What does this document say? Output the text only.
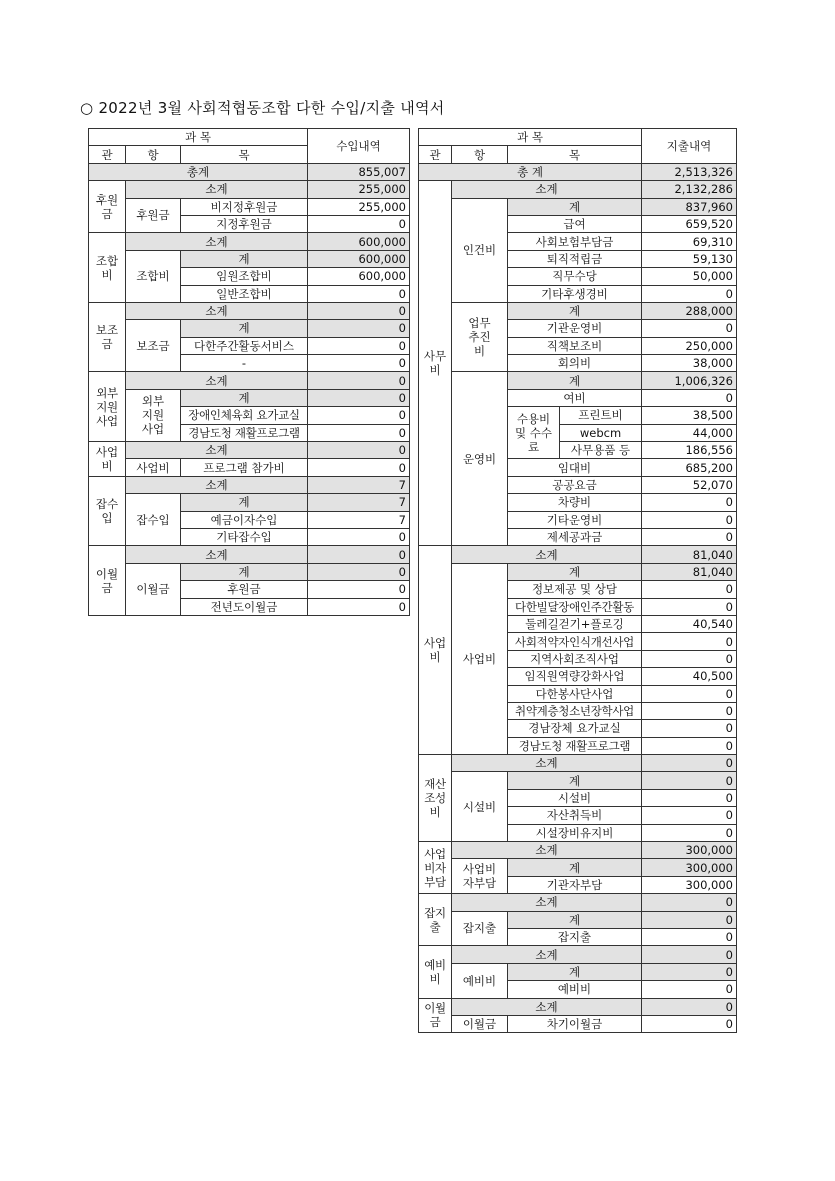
○ 2022년 3월 사회적협동조합 다한 수입/지출 내역서
과 목			수입내역
관	항	목	
총계			855,007
후원금	소계		255,000
	후원금	비지정후원금	255,000
		지정후원금	0
조합비	소계		600,000
	조합비	계	600,000
		임원조합비	600,000
		일반조합비	0
보조금	소계		0
	보조금	계	0
		다한주간활동서비스	0
		-	0
외부지원사업	소계		0
	외부지원사업	계	0
		장애인체육회 요가교실	0
		경남도청 재활프로그램	0
사업비	소계		0
	사업비	프로그램 참가비	0
잡수입	소계		7
	잡수입	계	7
		예금이자수입	7
		기타잡수입	0
이월금	소계		0
	이월금	계	0
		후원금	0
		전년도이월금	0
과 목				지출내역
관	항	목		
총 계				2,513,326
사무비	소계			2,132,286
	인건비	계		837,960
		급여		659,520
		사회보험부담금		69,310
		퇴직적립금		59,130
		직무수당		50,000
		기타후생경비		0
	업무추진비	계		288,000
		기관운영비		0
		직책보조비		250,000
		회의비		38,000
	운영비	계		1,006,326
		여비		0
		수용비 및 수수료	프린트비	38,500
			webcm	44,000
			사무용품 등	186,556
		임대비		685,200
		공공요금		52,070
		차량비		0
		기타운영비		0
		제세공과금		0
사업비	소계			81,040
	사업비	계		81,040
		정보제공 및 상담		0
		다한빌달장애인주간활동		0
		둘레길걷기+플로깅		40,540
		사회적약자인식개선사업		0
		지역사회조직사업		0
		임직원역량강화사업		40,500
		다한봉사단사업		0
		취약계층청소년장학사업		0
		경남장체 요가교실		0
		경남도청 재활프로그램		0
재산조성비	소계			0
	시설비	계		0
		시설비		0
		자산취득비		0
		시설장비유지비		0
사업비자부담	소계			300,000
	사업비자부담	계		300,000
		기관자부담		300,000
잡지출	소계			0
	잡지출	계		0
		잡지출		0
예비비	소계			0
	예비비	계		0
		예비비		0
이월금	소계			0
	이월금	차기이월금		0
